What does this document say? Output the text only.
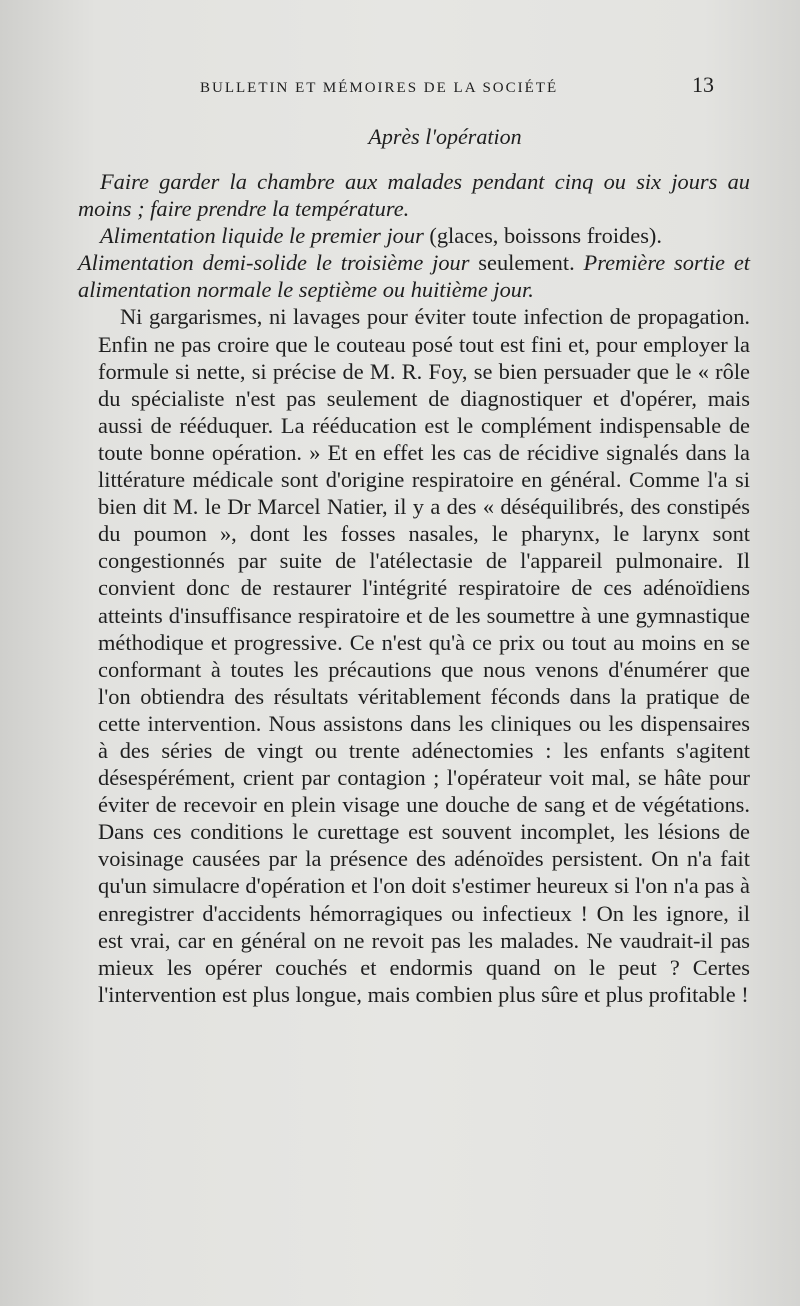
BULLETIN ET MÉMOIRES DE LA SOCIÉTÉ	13
Après l'opération

Faire garder la chambre aux malades pendant cinq ou six jours au moins ; faire prendre la température.

Alimentation liquide le premier jour (glaces, boissons froides).

Alimentation demi-solide le troisième jour seulement. Première sortie et alimentation normale le septième ou huitième jour.

Ni gargarismes, ni lavages pour éviter toute infection de propagation. Enfin ne pas croire que le couteau posé tout est fini et, pour employer la formule si nette, si précise de M. R. Foy, se bien persuader que le « rôle du spécialiste n'est pas seulement de diagnostiquer et d'opérer, mais aussi de rééduquer. La rééducation est le complément indispensable de toute bonne opération. » Et en effet les cas de récidive signalés dans la littérature médicale sont d'origine respiratoire en général. Comme l'a si bien dit M. le Dr Marcel Natier, il y a des « déséquilibrés, des constipés du poumon », dont les fosses nasales, le pharynx, le larynx sont congestionnés par suite de l'atélectasie de l'appareil pulmonaire. Il convient donc de restaurer l'intégrité respiratoire de ces adénoïdiens atteints d'insuffisance respiratoire et de les soumettre à une gymnastique méthodique et progressive. Ce n'est qu'à ce prix ou tout au moins en se conformant à toutes les précautions que nous venons d'énumérer que l'on obtiendra des résultats véritablement féconds dans la pratique de cette intervention. Nous assistons dans les cliniques ou les dispensaires à des séries de vingt ou trente adénectomies : les enfants s'agitent désespérément, crient par contagion ; l'opérateur voit mal, se hâte pour éviter de recevoir en plein visage une douche de sang et de végétations. Dans ces conditions le curettage est souvent incomplet, les lésions de voisinage causées par la présence des adénoïdes persistent. On n'a fait qu'un simulacre d'opération et l'on doit s'estimer heureux si l'on n'a pas à enregistrer d'accidents hémorragiques ou infectieux ! On les ignore, il est vrai, car en général on ne revoit pas les malades. Ne vaudrait-il pas mieux les opérer couchés et endormis quand on le peut ? Certes l'intervention est plus longue, mais combien plus sûre et plus profitable !
